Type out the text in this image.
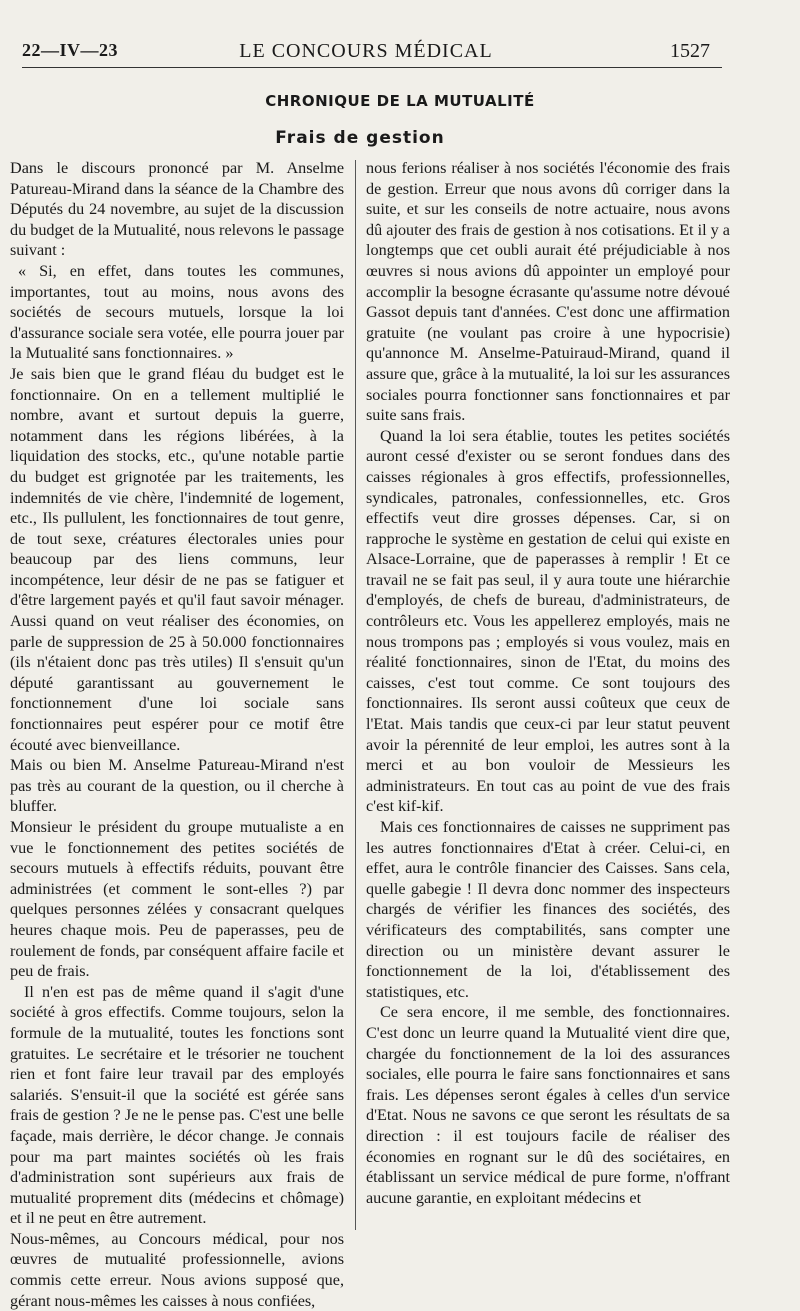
22—IV—23	LE CONCOURS MÉDICAL	1527
CHRONIQUE DE LA MUTUALITÉ
Frais de gestion

Dans le discours prononcé par M. Anselme Patureau-Mirand dans la séance de la Chambre des Députés du 24 novembre, au sujet de la discussion du budget de la Mutualité, nous relevons le passage suivant :

« Si, en effet, dans toutes les communes, importantes, tout au moins, nous avons des sociétés de secours mutuels, lorsque la loi d'assurance sociale sera votée, elle pourra jouer par la Mutualité sans fonctionnaires. »

Je sais bien que le grand fléau du budget est le fonctionnaire. On en a tellement multiplié le nombre, avant et surtout depuis la guerre, notamment dans les régions libérées, à la liquidation des stocks, etc., qu'une notable partie du budget est grignotée par les traitements, les indemnités de vie chère, l'indemnité de logement, etc., Ils pullulent, les fonctionnaires de tout genre, de tout sexe, créatures électorales unies pour beaucoup par des liens communs, leur incompétence, leur désir de ne pas se fatiguer et d'être largement payés et qu'il faut savoir ménager. Aussi quand on veut réaliser des économies, on parle de suppression de 25 à 50.000 fonctionnaires (ils n'étaient donc pas très utiles) Il s'ensuit qu'un député garantissant au gouvernement le fonctionnement d'une loi sociale sans fonctionnaires peut espérer pour ce motif être écouté avec bienveillance.

Mais ou bien M. Anselme Patureau-Mirand n'est pas très au courant de la question, ou il cherche à bluffer.

Monsieur le président du groupe mutualiste a en vue le fonctionnement des petites sociétés de secours mutuels à effectifs réduits, pouvant être administrées (et comment le sont-elles ?) par quelques personnes zélées y consacrant quelques heures chaque mois. Peu de paperasses, peu de roulement de fonds, par conséquent affaire facile et peu de frais.

Il n'en est pas de même quand il s'agit d'une société à gros effectifs. Comme toujours, selon la formule de la mutualité, toutes les fonctions sont gratuites. Le secrétaire et le trésorier ne touchent rien et font faire leur travail par des employés salariés. S'ensuit-il que la société est gérée sans frais de gestion ? Je ne le pense pas. C'est une belle façade, mais derrière, le décor change. Je connais pour ma part maintes sociétés où les frais d'administration sont supérieurs aux frais de mutualité proprement dits (médecins et chômage) et il ne peut en être autrement.

Nous-mêmes, au Concours médical, pour nos œuvres de mutualité professionnelle, avions commis cette erreur. Nous avions supposé que, gérant nous-mêmes les caisses à nous confiées,

nous ferions réaliser à nos sociétés l'économie des frais de gestion. Erreur que nous avons dû corriger dans la suite, et sur les conseils de notre actuaire, nous avons dû ajouter des frais de gestion à nos cotisations. Et il y a longtemps que cet oubli aurait été préjudiciable à nos œuvres si nous avions dû appointer un employé pour accomplir la besogne écrasante qu'assume notre dévoué Gassot depuis tant d'années. C'est donc une affirmation gratuite (ne voulant pas croire à une hypocrisie) qu'annonce M. Anselme-Patuiraud-Mirand, quand il assure que, grâce à la mutualité, la loi sur les assurances sociales pourra fonctionner sans fonctionnaires et par suite sans frais.

Quand la loi sera établie, toutes les petites sociétés auront cessé d'exister ou se seront fondues dans des caisses régionales à gros effectifs, professionnelles, syndicales, patronales, confessionnelles, etc. Gros effectifs veut dire grosses dépenses. Car, si on rapproche le système en gestation de celui qui existe en Alsace-Lorraine, que de paperasses à remplir ! Et ce travail ne se fait pas seul, il y aura toute une hiérarchie d'employés, de chefs de bureau, d'administrateurs, de contrôleurs etc. Vous les appellerez employés, mais ne nous trompons pas ; employés si vous voulez, mais en réalité fonctionnaires, sinon de l'Etat, du moins des caisses, c'est tout comme. Ce sont toujours des fonctionnaires. Ils seront aussi coûteux que ceux de l'Etat. Mais tandis que ceux-ci par leur statut peuvent avoir la pérennité de leur emploi, les autres sont à la merci et au bon vouloir de Messieurs les administrateurs. En tout cas au point de vue des frais c'est kif-kif.

Mais ces fonctionnaires de caisses ne suppriment pas les autres fonctionnaires d'Etat à créer. Celui-ci, en effet, aura le contrôle financier des Caisses. Sans cela, quelle gabegie ! Il devra donc nommer des inspecteurs chargés de vérifier les finances des sociétés, des vérificateurs des comptabilités, sans compter une direction ou un ministère devant assurer le fonctionnement de la loi, d'établissement des statistiques, etc.

Ce sera encore, il me semble, des fonctionnaires. C'est donc un leurre quand la Mutualité vient dire que, chargée du fonctionnement de la loi des assurances sociales, elle pourra le faire sans fonctionnaires et sans frais. Les dépenses seront égales à celles d'un service d'Etat. Nous ne savons ce que seront les résultats de sa direction : il est toujours facile de réaliser des économies en rognant sur le dû des sociétaires, en établissant un service médical de pure forme, n'offrant aucune garantie, en exploitant médecins et
